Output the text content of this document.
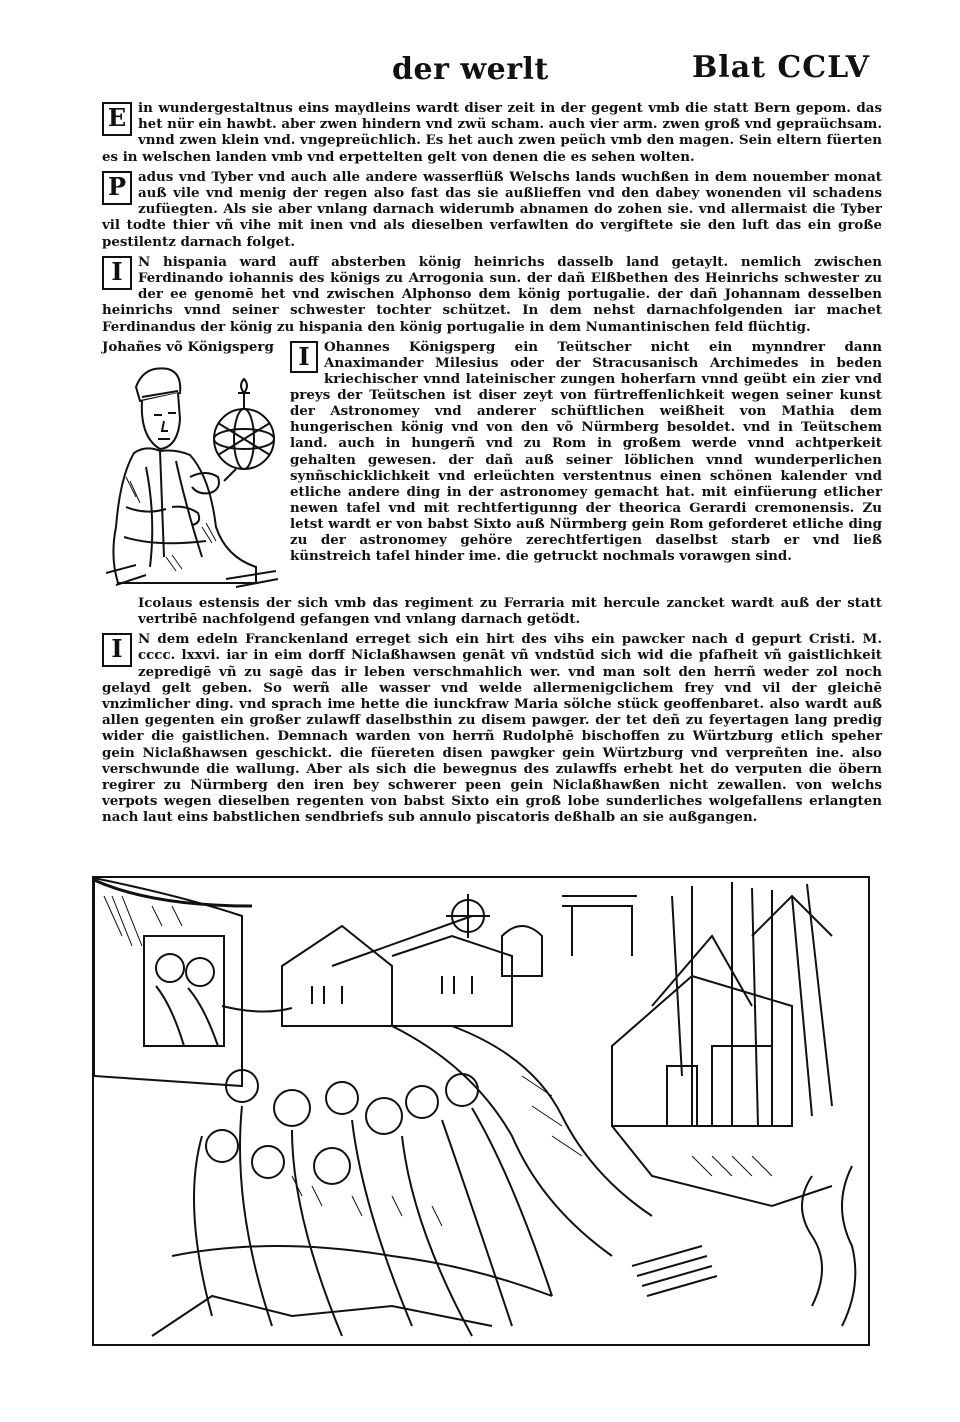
der werlt	Blat CCLV

E in wundergestaltnus eins maydleins wardt diser zeit in der gegent vmb die statt Bern gepom. das het nür ein hawbt. aber zwen hindern vnd zwü scham. auch vier arm. zwen groß vnd gepraüchsam. vnnd zwen klein vnd. vngepreüchlich. Es het auch zwen peüch vmb den magen. Sein eltern füerten es in welschen landen vmb vnd erpettelten gelt von denen die es sehen wolten.

P adus vnd Tyber vnd auch alle andere wasserflüß Welschs lands wuchßen in dem nouember monat auß vile vnd menig der regen also fast das sie außlieffen vnd den dabey wonenden vil schadens zufüegten. Als sie aber vnlang darnach widerumb abnamen do zohen sie. vnd allermaist die Tyber vil todte thier vñ vihe mit inen vnd als dieselben verfawlten do vergiftete sie den luft das ein große pestilentz darnach folget.

I	N hispania ward auff absterben könig heinrichs dasselb land getaylt. nemlich zwischen Ferdinando iohannis des königs zu Arrogonia sun. der dañ Elßbethen des Heinrichs schwester zu der ee genomē het vnd zwischen Alphonso dem könig portugalie. der dañ Johannam desselben heinrichs vnnd seiner schwester tochter schützet. In dem nehst darnachfolgenden iar machet Ferdinandus der könig zu hispania den könig portugalie in dem Numantinischen feld flüchtig.

Johañes võ Königsperg	I	Ohannes Königsperg ein Teütscher nicht ein mynndrer dann Anaximander Milesius oder der Stracusanisch Archimedes in beden kriechischer vnnd lateinischer zungen hoherfarn vnnd geübt ein zier vnd preys der Teütschen ist diser zeyt von fürtreffenlichkeit wegen seiner kunst der Astronomey vnd anderer schüftlichen weißheit von Mathia dem hungerischen könig vnd von den võ Nürmberg besoldet. vnd in Teütschem land. auch in hungerñ vnd zu Rom in großem werde vnnd achtperkeit gehalten gewesen. der dañ auß seiner löblichen vnnd wunderperlichen synñschicklichkeit vnd erleüchten verstentnus einen schönen kalender vnd etliche andere ding in der astronomey gemacht hat. mit einfüerung etlicher newen tafel vnd mit rechtfertigunng der theorica Gerardi cremonensis. Zu letst wardt er von babst Sixto auß Nürmberg gein Rom geforderet etliche ding zu der astronomey gehöre zerechtfertigen daselbst starb er vnd ließ künstreich tafel hinder ime. die getruckt nochmals vorawgen sind.

Icolaus estensis der sich vmb das regiment zu Ferraria mit hercule zancket wardt auß der statt vertribē nachfolgend gefangen vnd vnlang darnach getödt.

I	N dem edeln Franckenland erreget sich ein hirt des vihs ein pawcker nach d gepurt Cristi. M. cccc. lxxvi. iar in eim dorff Niclaßhawsen genāt vñ vndstūd sich wid die pfafheit vñ gaistlichkeit zepredigē vñ zu sagē das ir leben verschmahlich wer. vnd man solt den herrñ weder zol noch gelayd gelt geben. So werñ alle wasser vnd welde allermenigclichem frey vnd vil der gleichē vnzimlicher ding. vnd sprach ime hette die iunckfraw Maria sölche stück geoffenbaret. also wardt auß allen gegenten ein großer zulawff daselbsthin zu disem pawger. der tet deñ zu feyertagen lang predig wider die gaistlichen. Demnach warden von herrñ Rudolphē bischoffen zu Würtzburg etlich speher gein Niclaßhawsen geschickt. die füereten disen pawgker gein Würtzburg vnd verpreñten ine. also verschwunde die wallung. Aber als sich die bewegnus des zulawffs erhebt het do verputen die öbern regirer zu Nürmberg den iren bey schwerer peen gein Niclaßhawßen nicht zewallen. von welchs verpots wegen dieselben regenten von babst Sixto ein groß lobe sunderliches wolgefallens erlangten nach laut eins babstlichen sendbriefs sub annulo piscatoris deßhalb an sie außgangen.
